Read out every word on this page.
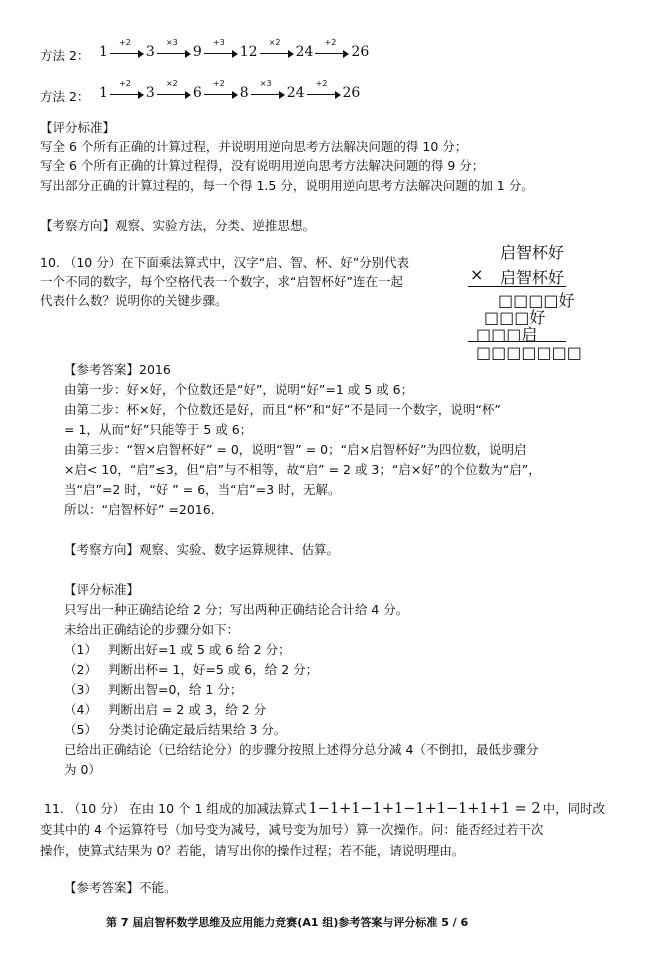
方法 2： 1
+2
3
×3
9
+3
12
×2
24
+2
26
方法 2： 1
+2
3
×2
6
+2
8
×3
24
+2
26
【评分标准】
写全 6 个所有正确的计算过程，并说明用逆向思考方法解决问题的得 10 分；
写全 6 个所有正确的计算过程得，没有说明用逆向思考方法解决问题的得 9 分；
写出部分正确的计算过程的，每一个得 1.5 分，说明用逆向思考方法解决问题的加 1 分。
【考察方向】观察、实验方法，分类、逆推思想。
10. （10 分）在下面乘法算式中，汉字“启、智、杯、好”分别代表
一个不同的数字，每个空格代表一个数字，求“启智杯好”连在一起
代表什么数？说明你的关键步骤。
启智杯好
× 启智杯好
□□□□好
□□□好
□□□启
□□□□□□□
【参考答案】2016
由第一步：好×好，个位数还是“好”，说明“好”=1 或 5 或 6；
由第二步：杯×好，个位数还是好，而且“杯”和“好”不是同一个数字，说明“杯”
= 1，从而“好”只能等于 5 或 6；
由第三步：“智×启智杯好” = 0，说明“智” = 0；“启×启智杯好”为四位数，说明启
×启< 10，“启”≤3，但“启”与不相等，故“启” = 2 或 3；“启×好”的个位数为“启”，
当“启”=2 时，“好 ” = 6，当“启”=3 时，无解。
所以：“启智杯好” =2016.
【考察方向】观察、实验、数字运算规律、估算。
【评分标准】
只写出一种正确结论给 2 分；写出两种正确结论合计给 4 分。
未给出正确结论的步骤分如下：
（1） 判断出好=1 或 5 或 6 给 2 分；
（2） 判断出杯= 1，好=5 或 6，给 2 分；
（3） 判断出智=0，给 1 分；
（4） 判断出启 = 2 或 3，给 2 分
（5） 分类讨论确定最后结果给 3 分。
已给出正确结论（已给结论分）的步骤分按照上述得分总分减 4（不倒扣，最低步骤分
为 0）
11. （10 分） 在由 10 个 1 组成的加减法算式 1−1+1−1+1−1+1−1+1+1 = 2 中，同时改
变其中的 4 个运算符号（加号变为减号，减号变为加号）算一次操作。问：能否经过若干次
操作，使算式结果为 0？若能，请写出你的操作过程；若不能，请说明理由。
【参考答案】不能。
第 7 届启智杯数学思维及应用能力竞赛(A1 组)参考答案与评分标准 5 / 6
